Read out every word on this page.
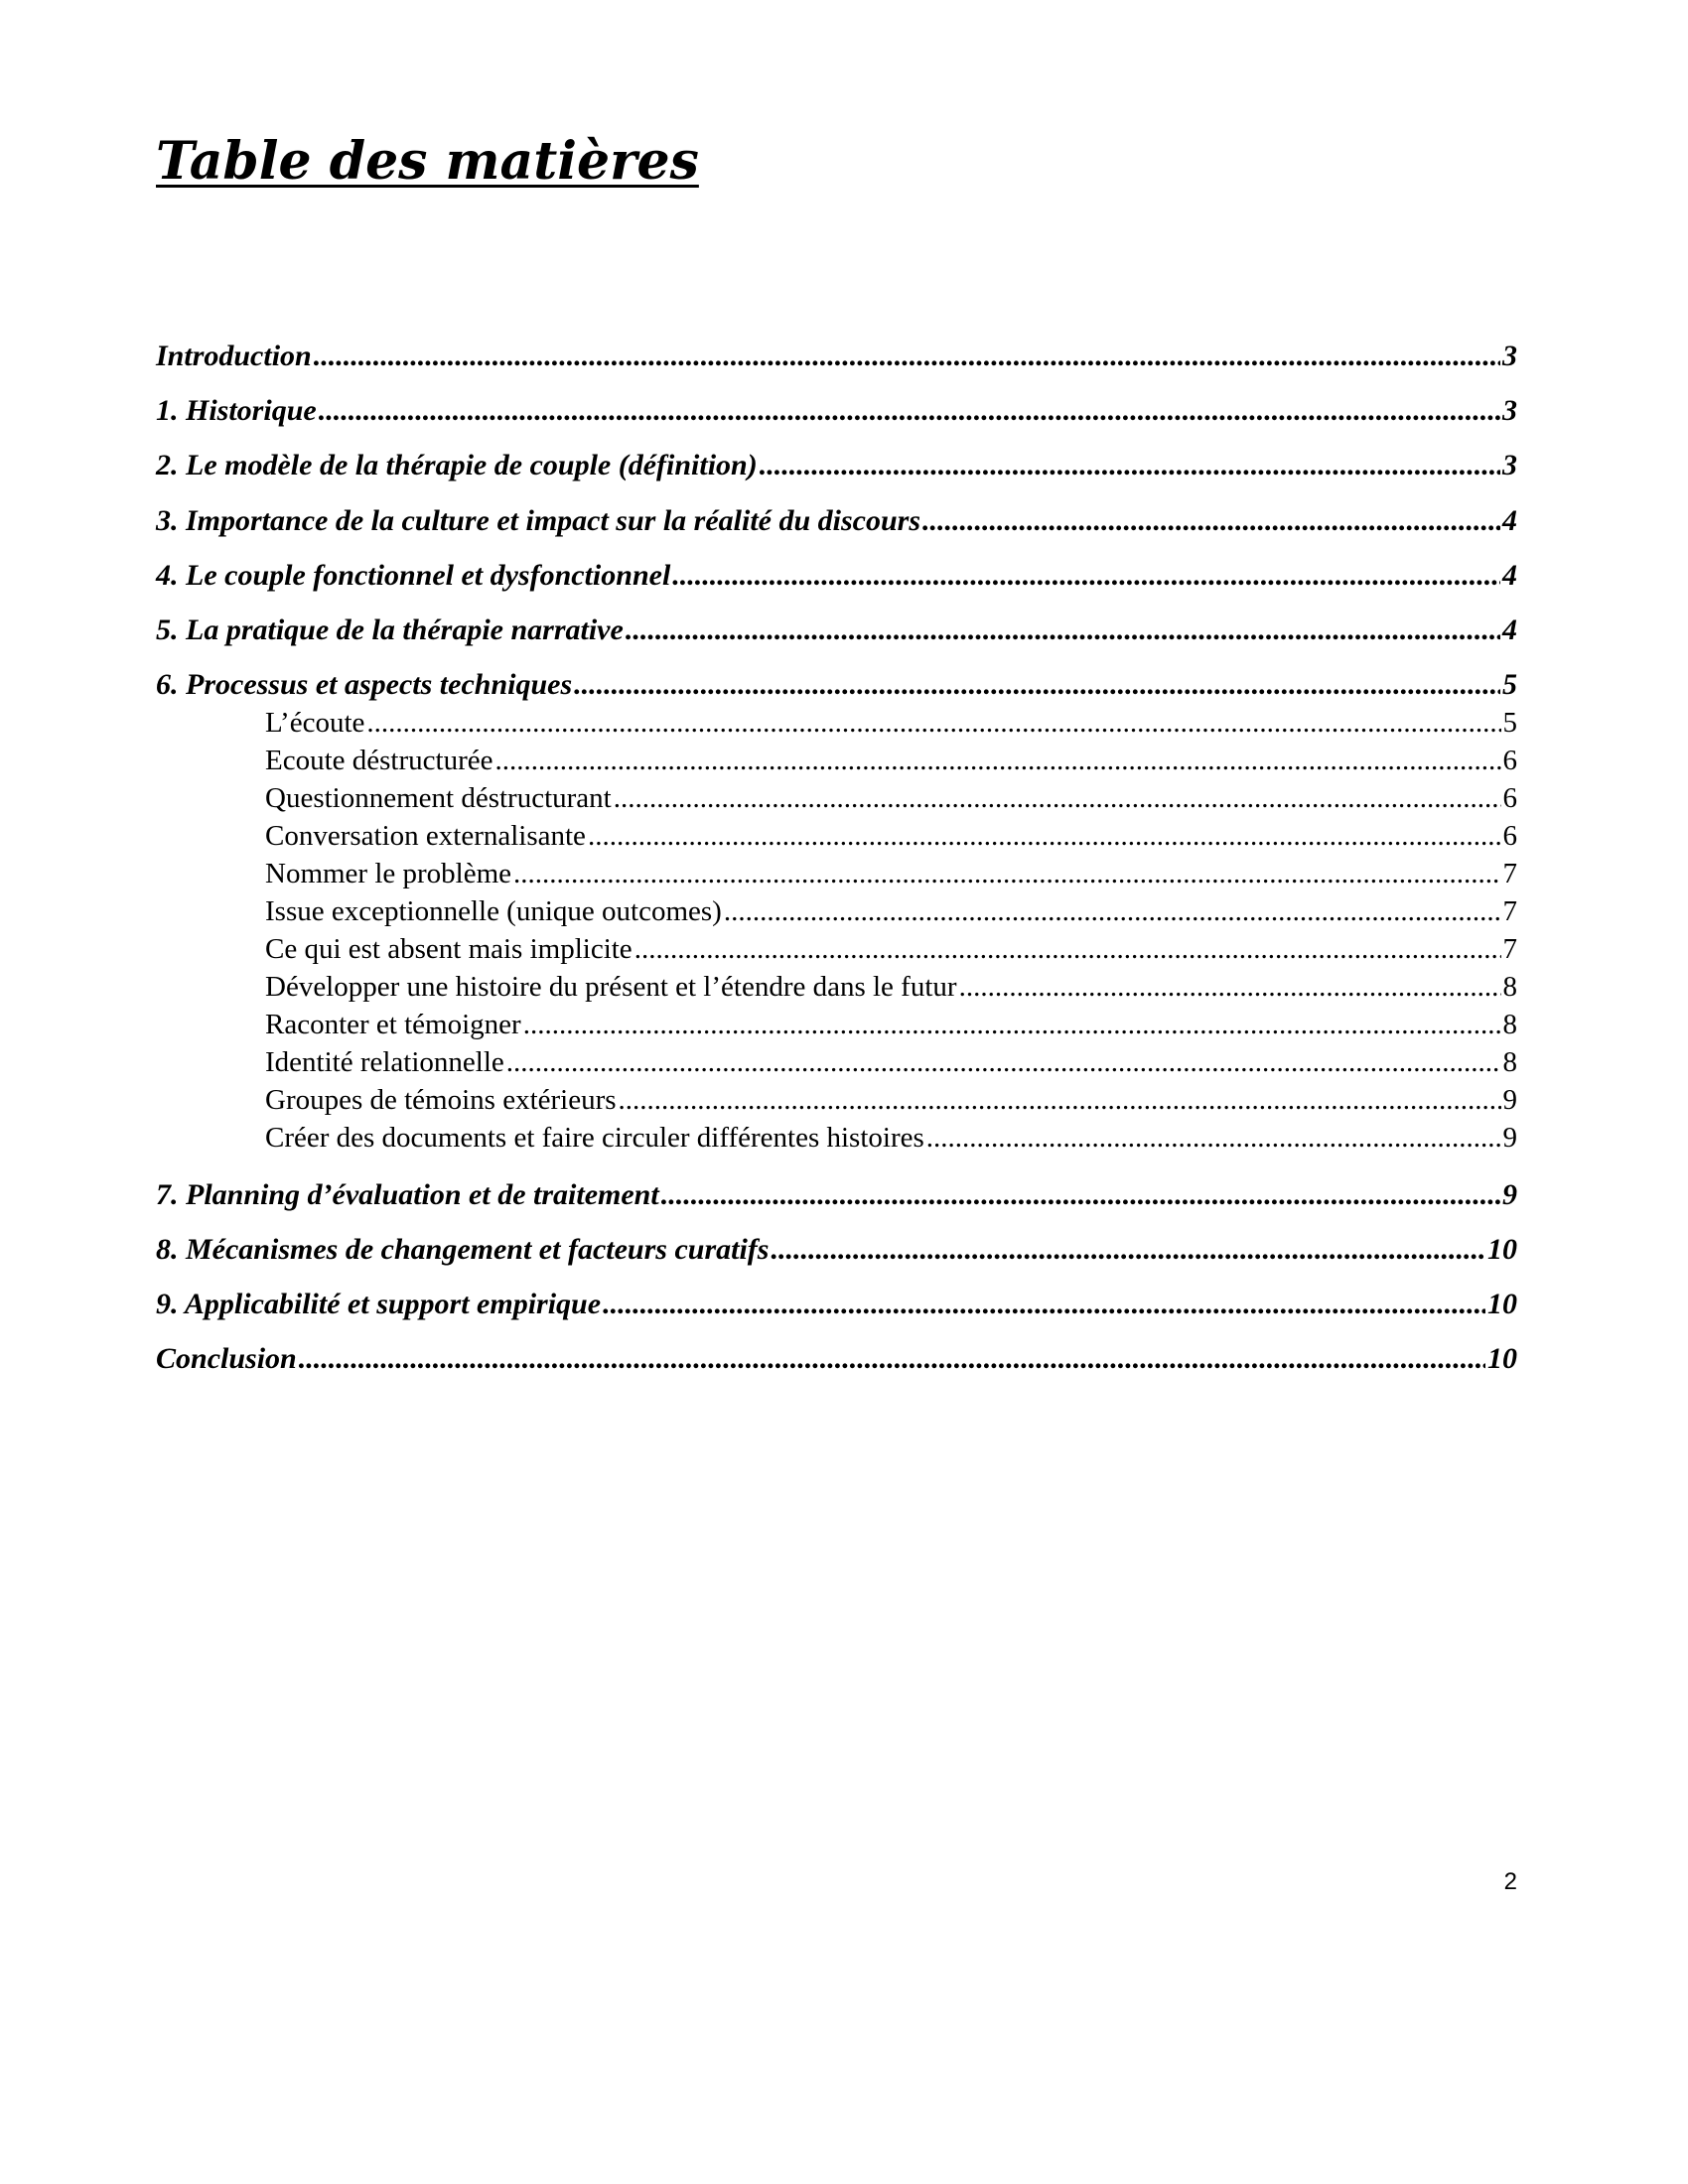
Table des matières
Introduction .....	3
1. Historique .....	3
2. Le modèle de la thérapie de couple (définition) .....	3
3. Importance de la culture et impact sur la réalité du discours .....	4
4. Le couple fonctionnel et dysfonctionnel .....	4
5. La pratique de la thérapie narrative .....	4
6. Processus et aspects techniques .....	5
L’écoute .....	5
Ecoute déstructurée .....	6
Questionnement déstructurant .....	6
Conversation externalisante .....	6
Nommer le problème .....	7
Issue exceptionnelle (unique outcomes) .....	7
Ce qui est absent mais implicite .....	7
Développer une histoire du présent et l’étendre dans le futur .....	8
Raconter et témoigner .....	8
Identité relationnelle .....	8
Groupes de témoins extérieurs .....	9
Créer des documents et faire circuler différentes histoires .....	9
7. Planning d’évaluation et de traitement .....	9
8. Mécanismes de changement et facteurs curatifs .....	10
9. Applicabilité et support empirique .....	10
Conclusion .....	10
2
